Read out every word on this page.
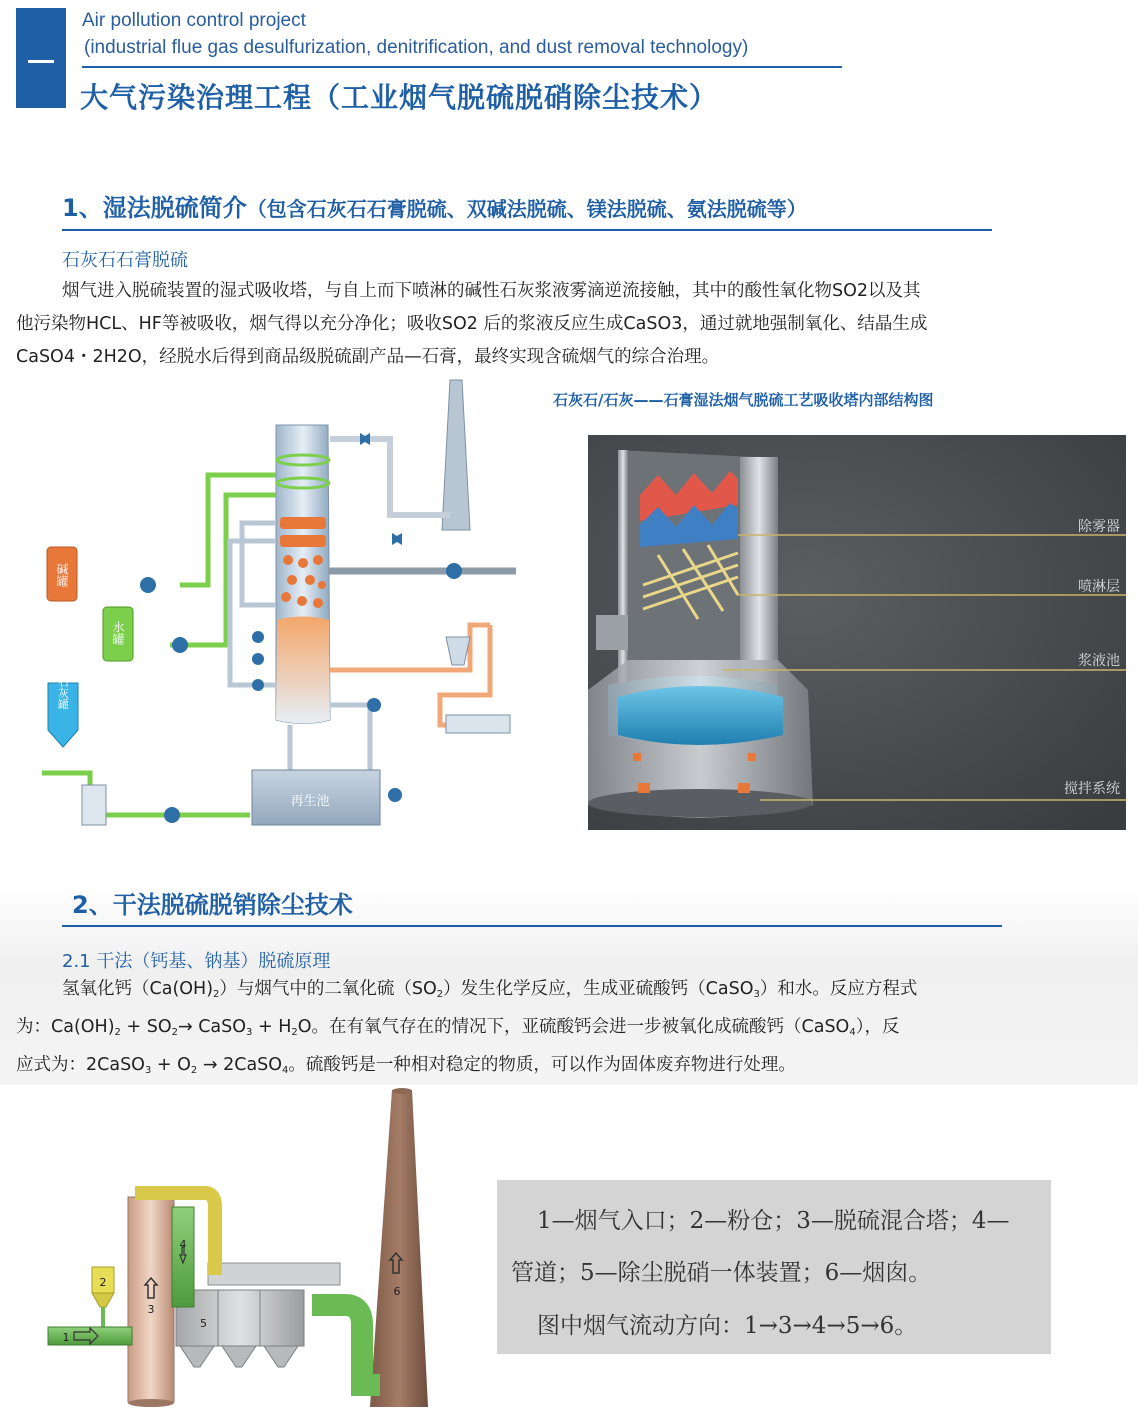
Air pollution control project
(industrial flue gas desulfurization, denitrification, and dust removal technology)
大气污染治理工程（工业烟气脱硫脱硝除尘技术）
1、湿法脱硫简介（包含石灰石石膏脱硫、双碱法脱硫、镁法脱硫、氨法脱硫等）
石灰石石膏脱硫
烟气进入脱硫装置的湿式吸收塔，与自上而下喷淋的碱性石灰浆液雾滴逆流接触，其中的酸性氧化物SO2以及其
他污染物HCL、HF等被吸收，烟气得以充分净化；吸收SO2 后的浆液反应生成CaSO3，通过就地强制氧化、结晶生成
CaSO4・2H2O，经脱水后得到商品级脱硫副产品—石膏，最终实现含硫烟气的综合治理。
石灰石/石灰——石膏湿法烟气脱硫工艺吸收塔内部结构图
碱罐
水罐
石灰罐
再生池
除雾器
喷淋层
浆液池
搅拌系统
2、干法脱硫脱销除尘技术
2.1 干法（钙基、钠基）脱硫原理
氢氧化钙$(Ca(OH)_2)$与烟气中的二氧化硫$(SO_2)$发生化学反应，生成亚硫酸钙（CaSO$_3$）和水。反应方程式
为：$Ca(OH)_2 + SO_2\to$ CaSO$_3$ + $H_2O$。在有氧气存在的情况下，亚硫酸钙会进一步被氧化成硫酸钙（CaSO$_4$），反
应式为：2CaSO$_3$ + $O_2$ → 2CaSO$_4$。硫酸钙是一种相对稳定的物质，可以作为固体废弃物进行处理。
6
5
3
4
2
1
1—烟气入口；2—粉仓；3—脱硫混合塔；4—
管道；5—除尘脱硝一体装置；6—烟囱。
图中烟气流动方向：1→3→4→5→6。
